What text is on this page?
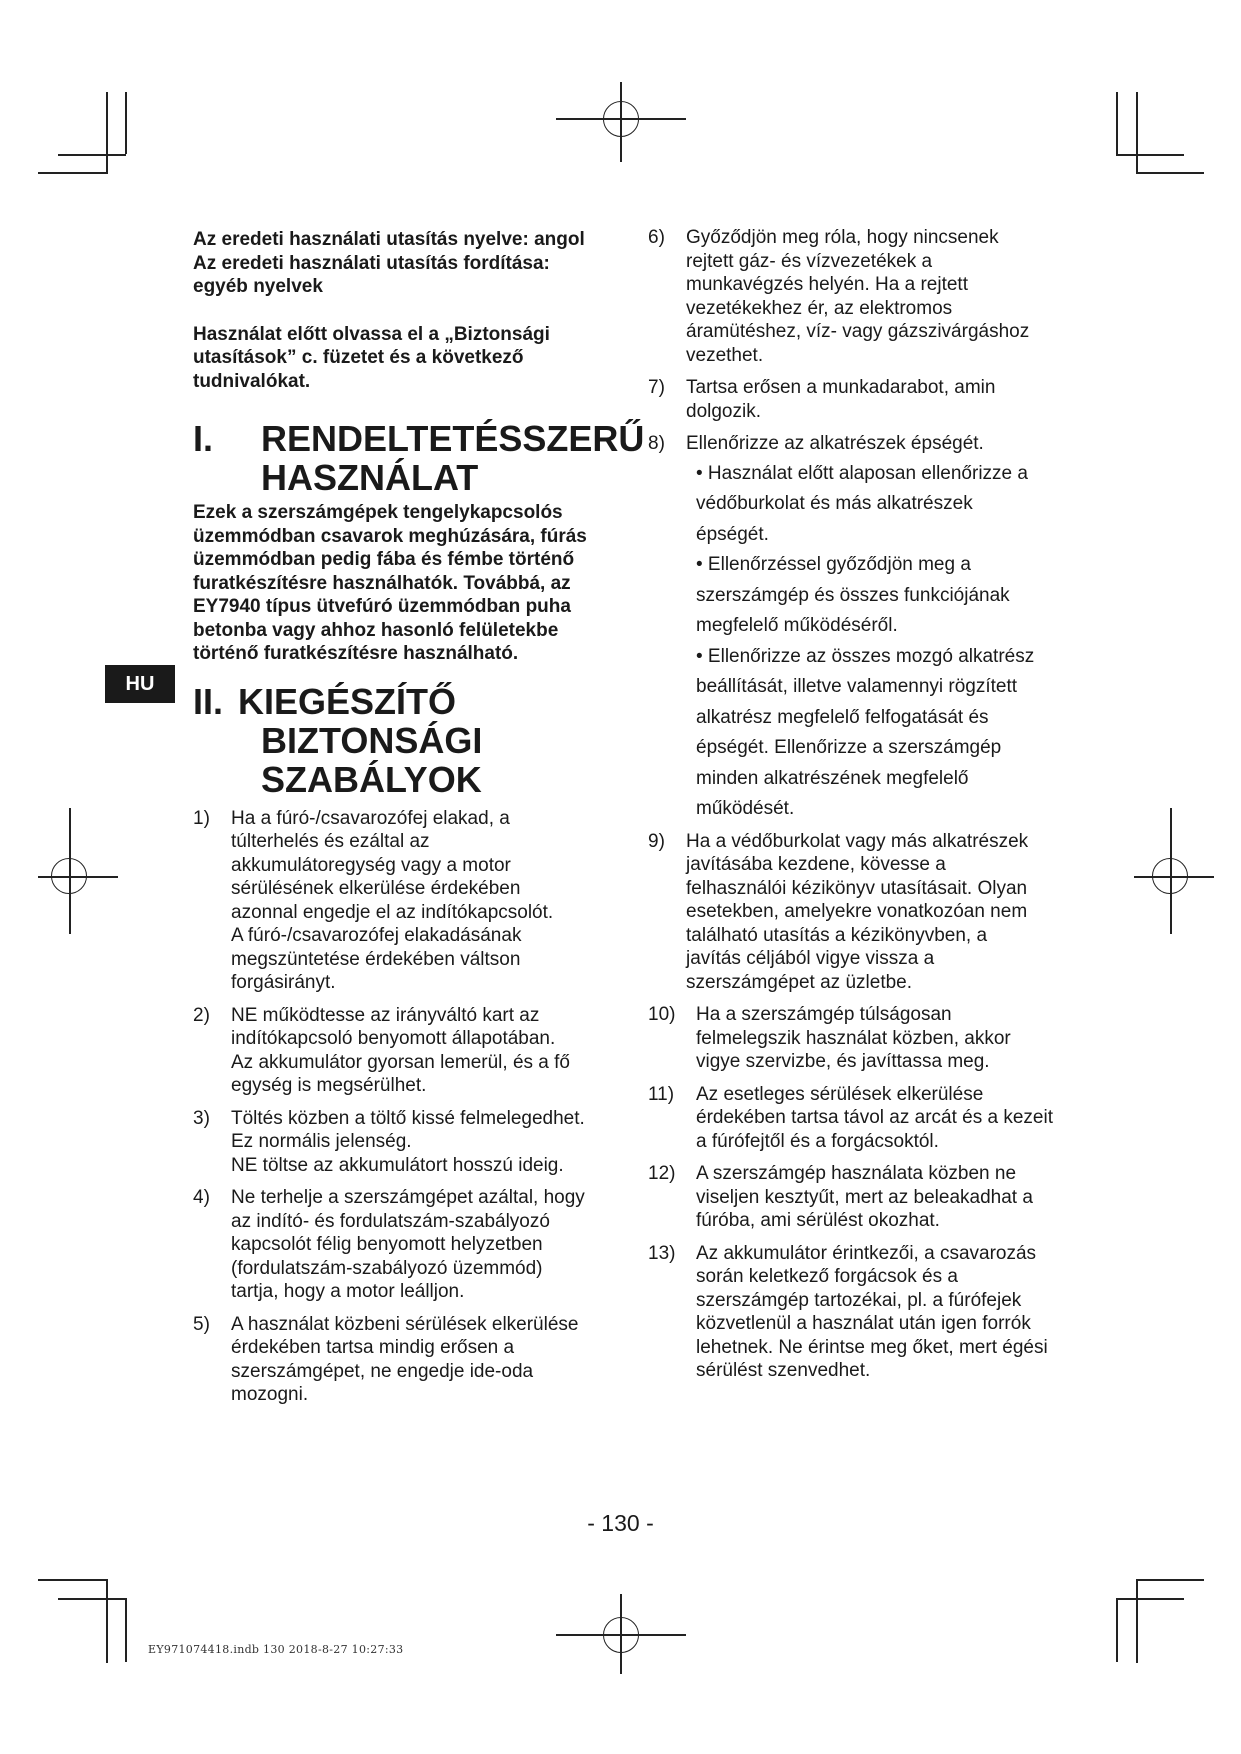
Az eredeti használati utasítás nyelve: angol
Az eredeti használati utasítás fordítása:
egyéb nyelvek
Használat előtt olvassa el a „Biztonsági
utasítások” c. füzetet és a következő
tudnivalókat.
I.	RENDELTETÉSSZERŰ
HASZNÁLAT
Ezek a szerszámgépek tengelykapcsolós
üzemmódban csavarok meghúzására, fúrás
üzemmódban pedig fába és fémbe történő
furatkészítésre használhatók. Továbbá, az
EY7940 típus ütvefúró üzemmódban puha
betonba vagy ahhoz hasonló felületekbe
történő furatkészítésre használható.
II. KIEGÉSZÍTŐ
BIZTONSÁGI
SZABÁLYOK
1) Ha a fúró-/csavarozófej elakad, a
túlterhelés és ezáltal az
akkumulátoregység vagy a motor
sérülésének elkerülése érdekében
azonnal engedje el az indítókapcsolót.
A fúró-/csavarozófej elakadásának
megszüntetése érdekében váltson
forgásirányt.
2) NE működtesse az irányváltó kart az
indítókapcsoló benyomott állapotában.
Az akkumulátor gyorsan lemerül, és a fő
egység is megsérülhet.
3) Töltés közben a töltő kissé felmelegedhet.
Ez normális jelenség.
NE töltse az akkumulátort hosszú ideig.
4) Ne terhelje a szerszámgépet azáltal, hogy
az indító- és fordulatszám-szabályozó
kapcsolót félig benyomott helyzetben
(fordulatszám-szabályozó üzemmód)
tartja, hogy a motor leálljon.
5) A használat közbeni sérülések elkerülése
érdekében tartsa mindig erősen a
szerszámgépet, ne engedje ide-oda
mozogni.
HU
6) Győződjön meg róla, hogy nincsenek
rejtett gáz- és vízvezetékek a
munkavégzés helyén. Ha a rejtett
vezetékekhez ér, az elektromos
áramütéshez, víz- vagy gázszivárgáshoz
vezethet.
7) Tartsa erősen a munkadarabot, amin
dolgozik.
8) Ellenőrizze az alkatrészek épségét.
• Használat előtt alaposan ellenőrizze a
védőburkolat és más alkatrészek
épségét.
• Ellenőrzéssel győződjön meg a
szerszámgép és összes funkciójának
megfelelő működéséről.
• Ellenőrizze az összes mozgó alkatrész
beállítását, illetve valamennyi rögzített
alkatrész megfelelő felfogatását és
épségét. Ellenőrizze a szerszámgép
minden alkatrészének megfelelő
működését.
9) Ha a védőburkolat vagy más alkatrészek
javításába kezdene, kövesse a
felhasználói kézikönyv utasításait. Olyan
esetekben, amelyekre vonatkozóan nem
található utasítás a kézikönyvben, a
javítás céljából vigye vissza a
szerszámgépet az üzletbe.
10) Ha a szerszámgép túlságosan
felmelegszik használat közben, akkor
vigye szervizbe, és javíttassa meg.
11) Az esetleges sérülések elkerülése
érdekében tartsa távol az arcát és a kezeit
a fúrófejtől és a forgácsoktól.
12) A szerszámgép használata közben ne
viseljen kesztyűt, mert az beleakadhat a
fúróba, ami sérülést okozhat.
13) Az akkumulátor érintkezői, a csavarozás
során keletkező forgácsok és a
szerszámgép tartozékai, pl. a fúrófejek
közvetlenül a használat után igen forrók
lehetnek. Ne érintse meg őket, mert égési
sérülést szenvedhet.
- 130 -
EY971074418.indb 130 2018-8-27 10:27:33
